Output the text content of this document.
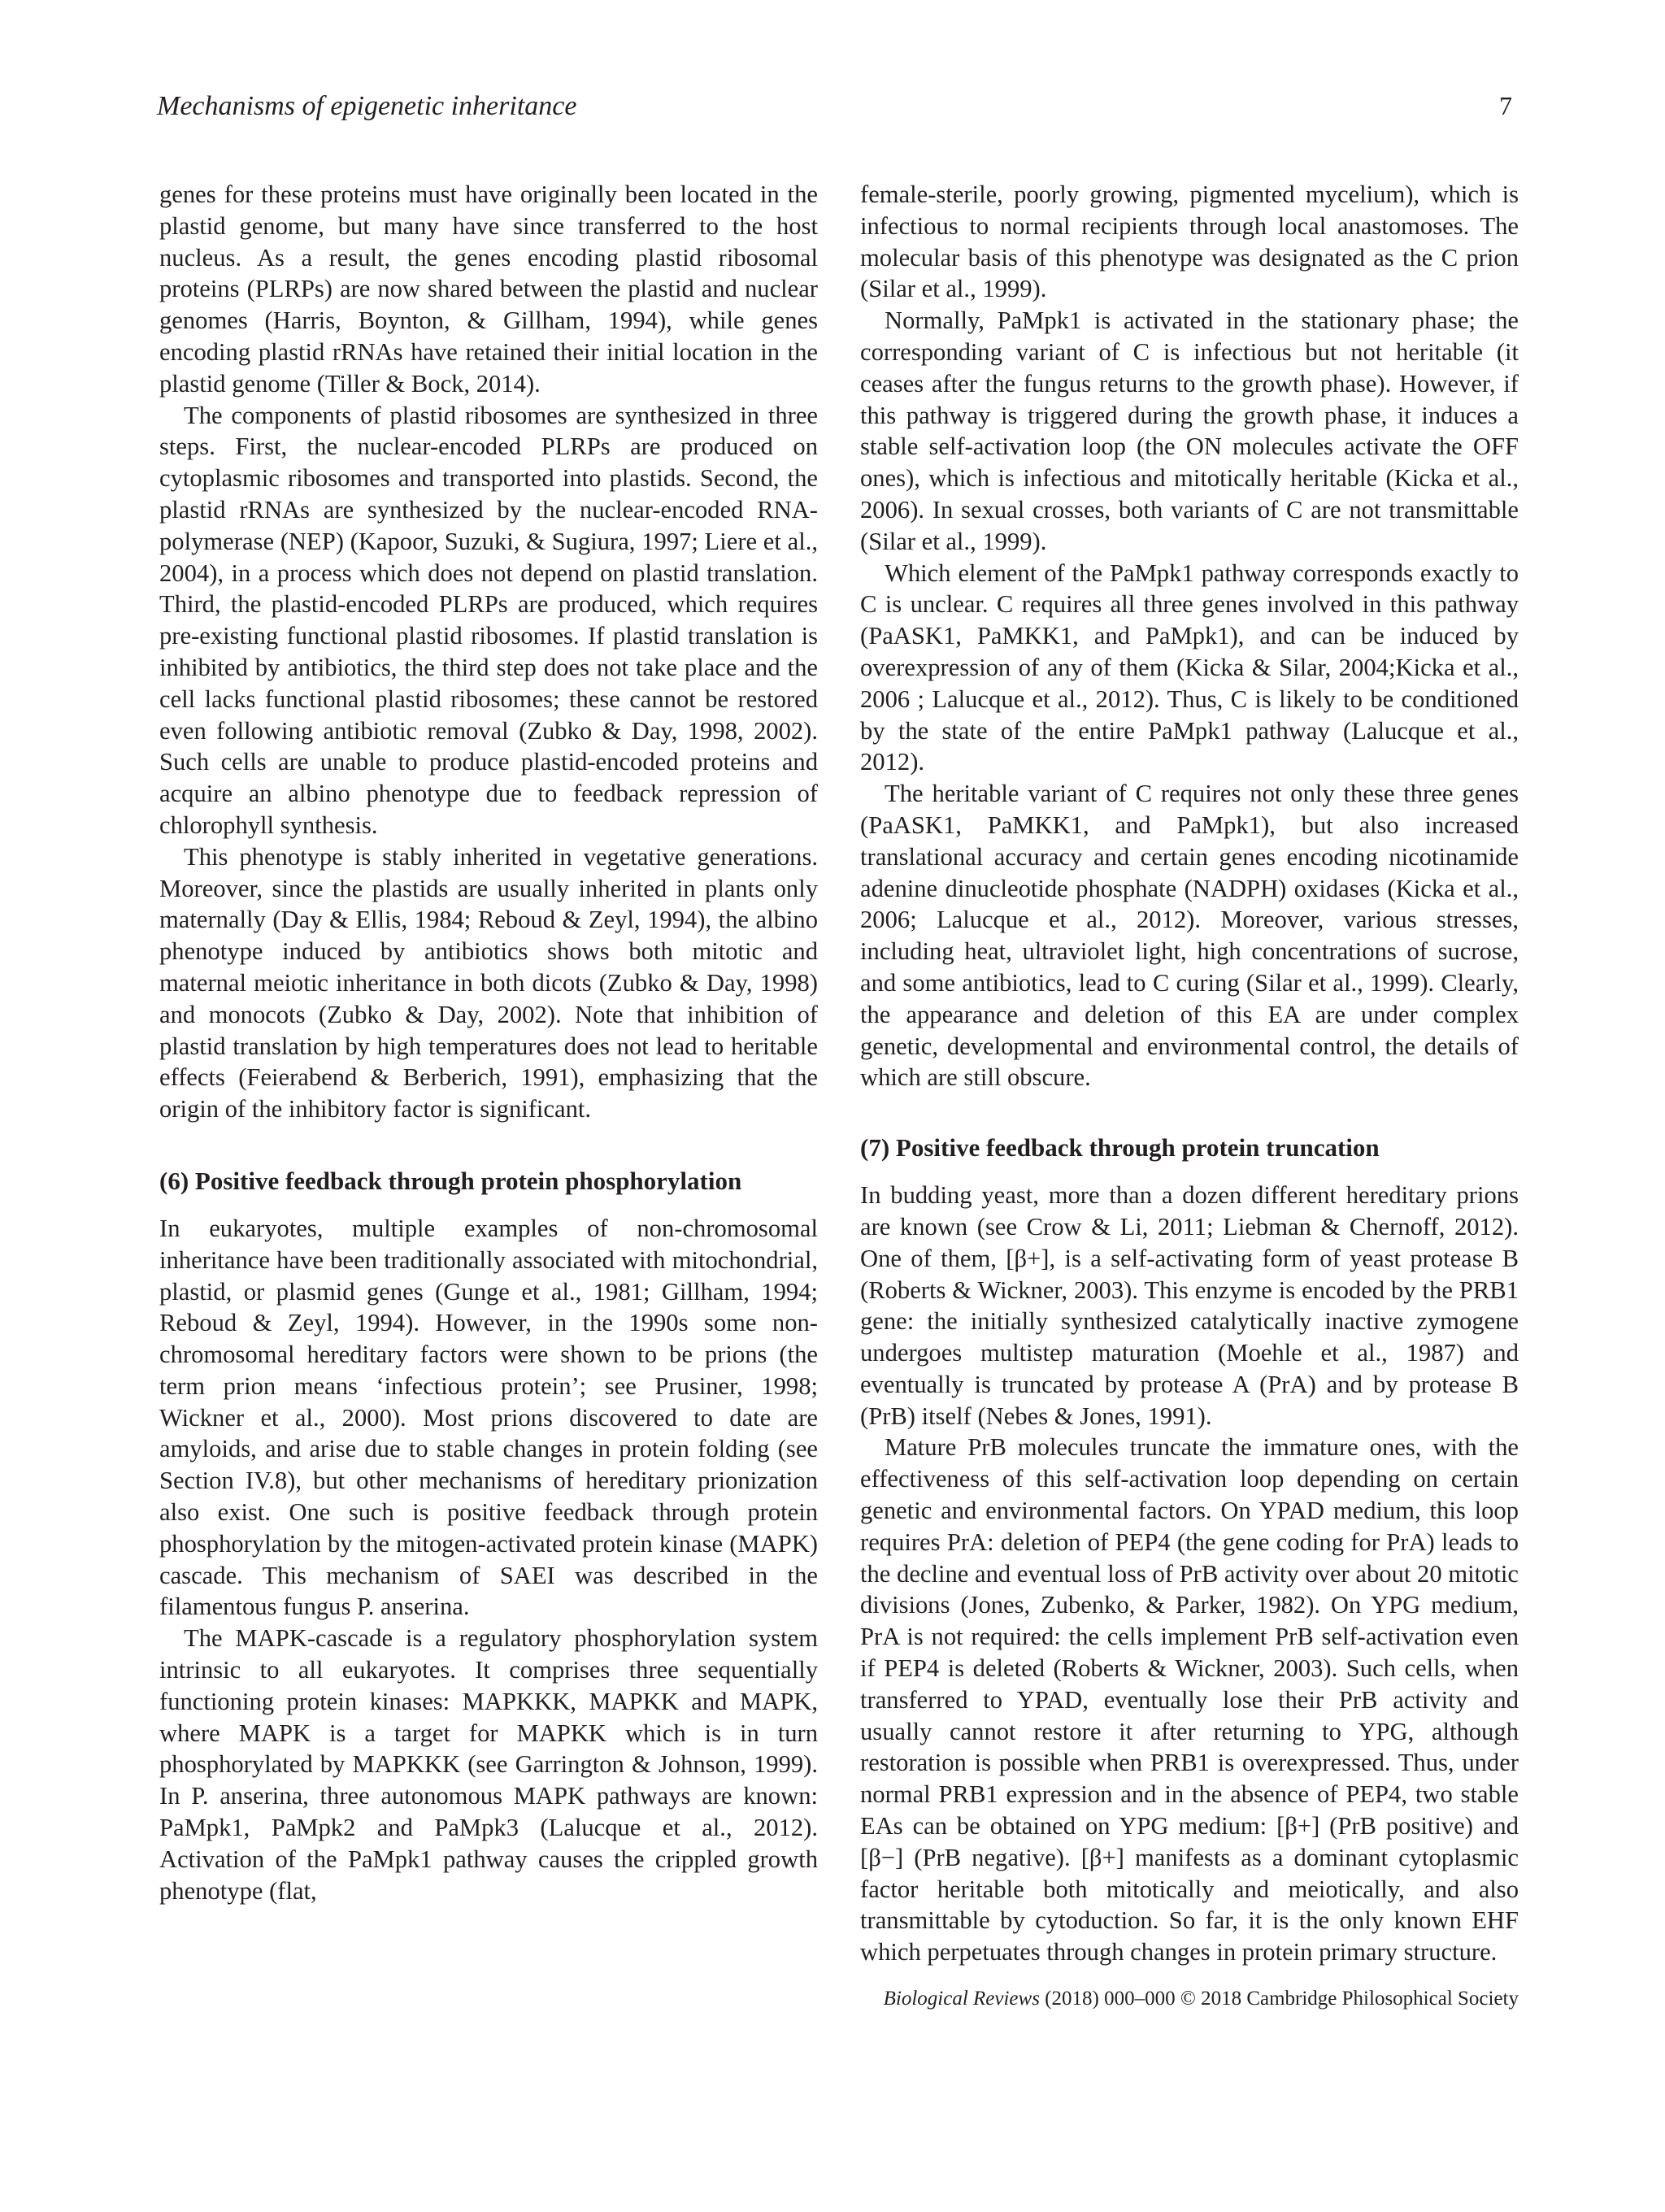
Mechanisms of epigenetic inheritance	7

genes for these proteins must have originally been located in the plastid genome, but many have since transferred to the host nucleus. As a result, the genes encoding plastid ribosomal proteins (PLRPs) are now shared between the plastid and nuclear genomes (Harris, Boynton, & Gillham, 1994), while genes encoding plastid rRNAs have retained their initial location in the plastid genome (Tiller & Bock, 2014).

The components of plastid ribosomes are synthesized in three steps. First, the nuclear-encoded PLRPs are produced on cytoplasmic ribosomes and transported into plastids. Second, the plastid rRNAs are synthesized by the nuclear-encoded RNA-polymerase (NEP) (Kapoor, Suzuki, & Sugiura, 1997; Liere et al., 2004), in a process which does not depend on plastid translation. Third, the plastid-encoded PLRPs are produced, which requires pre-existing functional plastid ribosomes. If plastid translation is inhibited by antibiotics, the third step does not take place and the cell lacks functional plastid ribosomes; these cannot be restored even following antibiotic removal (Zubko & Day, 1998, 2002). Such cells are unable to produce plastid-encoded proteins and acquire an albino phenotype due to feedback repression of chlorophyll synthesis.

This phenotype is stably inherited in vegetative generations. Moreover, since the plastids are usually inherited in plants only maternally (Day & Ellis, 1984; Reboud & Zeyl, 1994), the albino phenotype induced by antibiotics shows both mitotic and maternal meiotic inheritance in both dicots (Zubko & Day, 1998) and monocots (Zubko & Day, 2002). Note that inhibition of plastid translation by high temperatures does not lead to heritable effects (Feierabend & Berberich, 1991), emphasizing that the origin of the inhibitory factor is significant.

(6) Positive feedback through protein phosphorylation

In eukaryotes, multiple examples of non-chromosomal inheritance have been traditionally associated with mitochondrial, plastid, or plasmid genes (Gunge et al., 1981; Gillham, 1994; Reboud & Zeyl, 1994). However, in the 1990s some non-chromosomal hereditary factors were shown to be prions (the term prion means ‘infectious protein’; see Prusiner, 1998; Wickner et al., 2000). Most prions discovered to date are amyloids, and arise due to stable changes in protein folding (see Section IV.8), but other mechanisms of hereditary prionization also exist. One such is positive feedback through protein phosphorylation by the mitogen-activated protein kinase (MAPK) cascade. This mechanism of SAEI was described in the filamentous fungus P. anserina.

The MAPK-cascade is a regulatory phosphorylation system intrinsic to all eukaryotes. It comprises three sequentially functioning protein kinases: MAPKKK, MAPKK and MAPK, where MAPK is a target for MAPKK which is in turn phosphorylated by MAPKKK (see Garrington & Johnson, 1999). In P. anserina, three autonomous MAPK pathways are known: PaMpk1, PaMpk2 and PaMpk3 (Lalucque et al., 2012). Activation of the PaMpk1 pathway causes the crippled growth phenotype (flat,

female-sterile, poorly growing, pigmented mycelium), which is infectious to normal recipients through local anastomoses. The molecular basis of this phenotype was designated as the C prion (Silar et al., 1999).

Normally, PaMpk1 is activated in the stationary phase; the corresponding variant of C is infectious but not heritable (it ceases after the fungus returns to the growth phase). However, if this pathway is triggered during the growth phase, it induces a stable self-activation loop (the ON molecules activate the OFF ones), which is infectious and mitotically heritable (Kicka et al., 2006). In sexual crosses, both variants of C are not transmittable (Silar et al., 1999).

Which element of the PaMpk1 pathway corresponds exactly to C is unclear. C requires all three genes involved in this pathway (PaASK1, PaMKK1, and PaMpk1), and can be induced by overexpression of any of them (Kicka & Silar, 2004;Kicka et al., 2006 ; Lalucque et al., 2012). Thus, C is likely to be conditioned by the state of the entire PaMpk1 pathway (Lalucque et al., 2012).

The heritable variant of C requires not only these three genes (PaASK1, PaMKK1, and PaMpk1), but also increased translational accuracy and certain genes encoding nicotinamide adenine dinucleotide phosphate (NADPH) oxidases (Kicka et al., 2006; Lalucque et al., 2012). Moreover, various stresses, including heat, ultraviolet light, high concentrations of sucrose, and some antibiotics, lead to C curing (Silar et al., 1999). Clearly, the appearance and deletion of this EA are under complex genetic, developmental and environmental control, the details of which are still obscure.

(7) Positive feedback through protein truncation

In budding yeast, more than a dozen different hereditary prions are known (see Crow & Li, 2011; Liebman & Chernoff, 2012). One of them, [β+], is a self-activating form of yeast protease B (Roberts & Wickner, 2003). This enzyme is encoded by the PRB1 gene: the initially synthesized catalytically inactive zymogene undergoes multistep maturation (Moehle et al., 1987) and eventually is truncated by protease A (PrA) and by protease B (PrB) itself (Nebes & Jones, 1991).

Mature PrB molecules truncate the immature ones, with the effectiveness of this self-activation loop depending on certain genetic and environmental factors. On YPAD medium, this loop requires PrA: deletion of PEP4 (the gene coding for PrA) leads to the decline and eventual loss of PrB activity over about 20 mitotic divisions (Jones, Zubenko, & Parker, 1982). On YPG medium, PrA is not required: the cells implement PrB self-activation even if PEP4 is deleted (Roberts & Wickner, 2003). Such cells, when transferred to YPAD, eventually lose their PrB activity and usually cannot restore it after returning to YPG, although restoration is possible when PRB1 is overexpressed. Thus, under normal PRB1 expression and in the absence of PEP4, two stable EAs can be obtained on YPG medium: [β+] (PrB positive) and [β−] (PrB negative). [β+] manifests as a dominant cytoplasmic factor heritable both mitotically and meiotically, and also transmittable by cytoduction. So far, it is the only known EHF which perpetuates through changes in protein primary structure.

Biological Reviews (2018) 000–000 © 2018 Cambridge Philosophical Society
